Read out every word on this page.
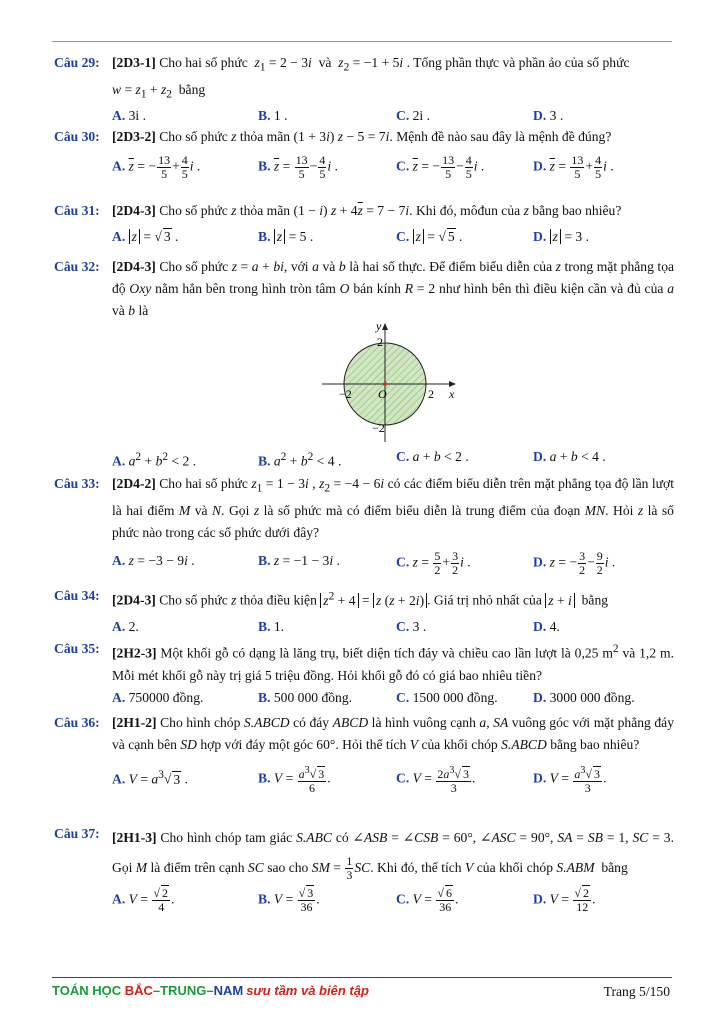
Câu 29: [2D3-1] Cho hai số phức $z_1 = 2 - 3i$ và $z_2 = -1 + 5i$ . Tổng phần thực và phần ảo của số phức
$w = z_1 + z_2$ bằng
A. 3i .	B. 1 .	C. 2i .	D. 3 .
Câu 30: [2D3-2] Cho số phức z thỏa mãn (1 + 3i) z − 5 = 7i. Mệnh đề nào sau đây là mệnh đề đúng?
A. $\overline{z}$ = − $\frac{13}{5} + \frac{4}{5}$ i .	B. $\overline{z} = \frac{13}{5} - \frac{4}{5}$ i .	C. $\overline{z}$ = − $\frac{13}{5} - \frac{4}{5}$ i .	D. $\overline{z} = \frac{13}{5} + \frac{4}{5}$ i .
Câu 31: [2D4-3] Cho số phức z thỏa mãn (1 − i) $z + 4\overline{z} = 7 - 7i$. Khi đó, môđun của z bằng bao nhiêu?
A. z = √ 3 .	B. z = 5 .	C. z = √ 5 .	D. z = 3 .
Câu 32: [2D4-3] Cho số phức z = a + bi, với a và b là hai số thực. Để điểm biểu diễn của z trong mặt phẳng tọa độ Oxy nằm hẳn bên trong hình tròn tâm O bán kính R = 2 như hình bên thì điều kiện cần và đủ của a và b là
y
x
O
2
2
−2
−2
A. $a^2 + b^2 < 2$ .	B. $a^2 + b^2 < 4$ .	C. a + b < 2 .	D. a + b < 4 .
Câu 33: [2D4-2] Cho hai số phức $z_1 = 1 - 3i$ , $z_2 = -4 - 6i$ có các điểm biểu diễn trên mặt phẳng tọa độ lần lượt là hai điểm M và N. Gọi z là số phức mà có điểm biểu diễn là trung điểm của đoạn MN. Hỏi z là số phức nào trong các số phức dưới đây?
A. z = −3 − 9i .	B. z = −1 − 3i .	C. $z = \frac{5}{2} + \frac{3}{2}$ i .	D. z = − $\frac{3}{2} - \frac{9}{2}$ i .
Câu 34: [2D4-3] Cho số phức z thỏa điều kiện $z^2 + 4 = z$ (z + 2i) . Giá trị nhỏ nhất của z + i bằng
A. 2.	B. 1.	C. 3 .	D. 4.
Câu 35: [2H2-3] Một khối gỗ có dạng là lăng trụ, biết diện tích đáy và chiều cao lần lượt là 0,25 $m^2$ và 1,2 m. Mỗi mét khối gỗ này trị giá 5 triệu đồng. Hỏi khối gỗ đó có giá bao nhiêu tiền?
A. 750000 đồng.	B. 500 000 đồng.	C. 1500 000 đồng.	D. 3000 000 đồng.
Câu 36: [2H1-2] Cho hình chóp S.ABCD có đáy ABCD là hình vuông cạnh a, SA vuông góc với mặt phẳng đáy và cạnh bên SD hợp với đáy một góc 60°. Hỏi thể tích V của khối chóp S.ABCD bằng bao nhiêu?
A. $V = a^3√$ 3 .	B. $V = \frac{a^3√ 3}{6}$ .	C. $V = \frac{2a^3√ 3}{3}$ .	D. $V = \frac{a^3√ 3}{3}$ .
Câu 37: [2H1-3] Cho hình chóp tam giác S.ABC có ∠ASB = ∠CSB = 60°, ∠ASC = 90°, SA = SB = 1, SC = 3. Gọi M là điểm trên cạnh SC sao cho SM = $\frac{1}{3}$ SC. Khi đó, thể tích V của khối chóp S.ABM bằng
A. $V = \frac{√ 2}{4}$ .	B. $V = \frac{√ 3}{36}$ .	C. $V = \frac{√ 6}{36}$ .	D. $V = \frac{√ 2}{12}$ .
TOÁN HỌC BẮC–TRUNG–NAM sưu tầm và biên tập	Trang 5/150
